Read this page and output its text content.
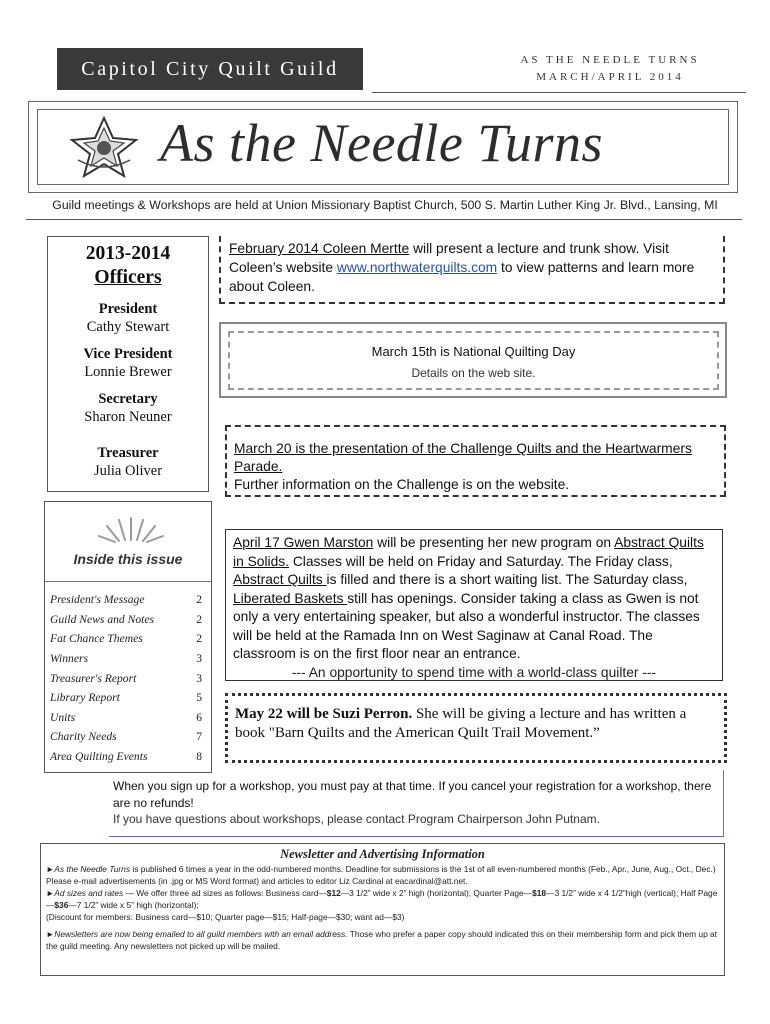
Capitol City Quilt Guild	AS THE NEEDLE TURNS
MARCH/APRIL 2014
As the Needle Turns
Guild meetings & Workshops are held at Union Missionary Baptist Church, 500 S. Martin Luther King Jr. Blvd., Lansing, MI
2013-2014
Officers
President
Cathy Stewart
Vice President
Lonnie Brewer
Secretary
Sharon Neuner
Treasurer
Julia Oliver
Inside this issue
President's Message	2
Guild News and Notes	2
Fat Chance Themes	2
Winners	3
Treasurer's Report	3
Library Report	5
Units	6
Charity Needs	7
Area Quilting Events	8
February 2014 Coleen Mertte will present a lecture and trunk show. Visit Coleen’s website www.northwaterquilts.com to view patterns and learn more about Coleen.
March 15th is National Quilting Day
Details on the web site.
March 20 is the presentation of the Challenge Quilts and the Heartwarmers Parade.
Further information on the Challenge is on the website.
April 17 Gwen Marston will be presenting her new program on Abstract Quilts in Solids. Classes will be held on Friday and Saturday. The Friday class, Abstract Quilts is filled and there is a short waiting list. The Saturday class, Liberated Baskets still has openings. Consider taking a class as Gwen is not only a very entertaining speaker, but also a wonderful instructor. The classes will be held at the Ramada Inn on West Saginaw at Canal Road. The classroom is on the first floor near an entrance.
--- An opportunity to spend time with a world-class quilter ---
May 22 will be Suzi Perron. She will be giving a lecture and has written a book "Barn Quilts and the American Quilt Trail Movement.”
When you sign up for a workshop, you must pay at that time. If you cancel your registration for a workshop, there are no refunds!
If you have questions about workshops, please contact Program Chairperson John Putnam.
Newsletter and Advertising Information

►As the Needle Turns is published 6 times a year in the odd-numbered months. Deadline for submissions is the 1st of all even-numbered months (Feb., Apr., June, Aug., Oct., Dec.) Please e-mail advertisements (in .jpg or MS Word format) and articles to editor Liz Cardinal at eacardinal@att.net.

►Ad sizes and rates — We offer three ad sizes as follows: Business card—$12—3 1/2” wide x 2” high (horizontal); Quarter Page—$18—3 1/2” wide x 4 1/2”high (vertical); Half Page—$36—7 1/2” wide x 5” high (horizontal);
(Discount for members: Business card—$10; Quarter page—$15; Half-page—$30; want ad—$3)

►Newsletters are now being emailed to all guild members with an email address. Those who prefer a paper copy should indicated this on their membership form and pick them up at the guild meeting. Any newsletters not picked up will be mailed.
